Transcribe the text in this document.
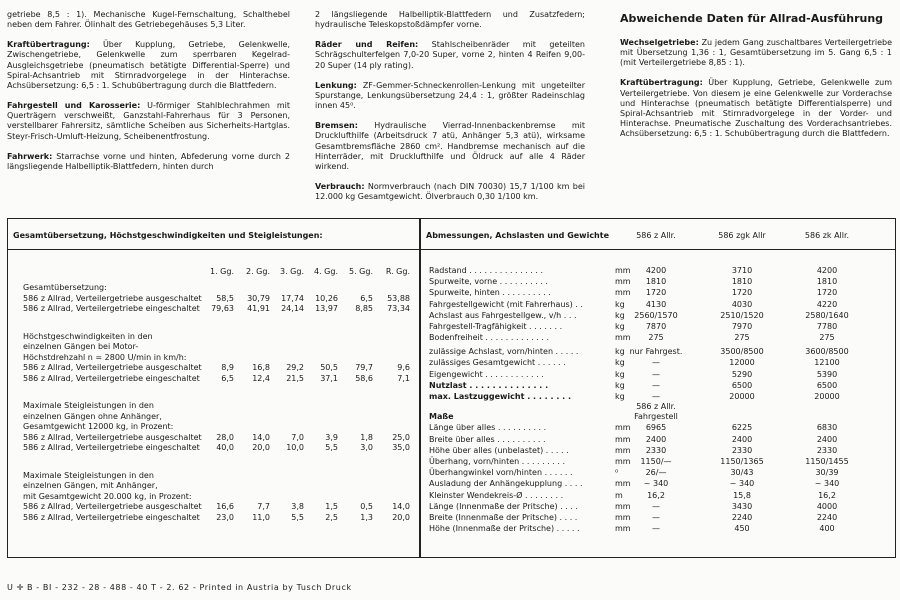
getriebe 8,5 : 1). Mechanische Kugel-Fernschaltung, Schalthebel neben dem Fahrer. Ölinhalt des Getriebegehäuses 5,3 Liter.

Kraftübertragung: Über Kupplung, Getriebe, Gelenkwelle, Zwischengetriebe, Gelenkwelle zum sperrbaren Kegelrad-Ausgleichsgetriebe (pneumatisch betätigte Differential-Sperre) und Spiral-Achsantrieb mit Stirnradvorgelege in der Hinterachse. Achsübersetzung: 6,5 : 1. Schubübertragung durch die Blattfedern.

Fahrgestell und Karosserie: U-förmiger Stahlblechrahmen mit Querträgern verschweißt, Ganzstahl-Fahrerhaus für 3 Personen, verstellbarer Fahrersitz, sämtliche Scheiben aus Sicherheits-Hartglas. Steyr-Frisch-Umluft-Heizung, Scheibenentfrostung.

Fahrwerk: Starrachse vorne und hinten, Abfederung vorne durch 2 längsliegende Halbelliptik-Blattfedern, hinten durch

2 längsliegende Halbelliptik-Blattfedern und Zusatzfedern; hydraulische Teleskopstoßdämpfer vorne.

Räder und Reifen: Stahlscheibenräder mit geteilten Schrägschulterfelgen 7,0-20 Super, vorne 2, hinten 4 Reifen 9,00-20 Super (14 ply rating).

Lenkung: ZF-Gemmer-Schneckenrollen-Lenkung mit ungeteilter Spurstange, Lenkungsübersetzung 24,4 : 1, größter Radeinschlag innen 45⁰.

Bremsen: Hydraulische Vierrad-Innenbackenbremse mit Drucklufthilfe (Arbeitsdruck 7 atü, Anhänger 5,3 atü), wirksame Gesamtbremsfläche 2860 cm². Handbremse mechanisch auf die Hinterräder, mit Drucklufthilfe und Öldruck auf alle 4 Räder wirkend.

Verbrauch: Normverbrauch (nach DIN 70030) 15,7 1/100 km bei 12.000 kg Gesamtgewicht. Ölverbrauch 0,30 1/100 km.

Abweichende Daten für Allrad-Ausführung

Wechselgetriebe: Zu jedem Gang zuschaltbares Verteilergetriebe mit Übersetzung 1,36 : 1, Gesamtübersetzung im 5. Gang 6,5 : 1 (mit Verteilergetriebe 8,85 : 1).

Kraftübertragung: Über Kupplung, Getriebe, Gelenkwelle zum Verteilergetriebe. Von diesem je eine Gelenkwelle zur Vorderachse und Hinterachse (pneumatisch betätigte Differentialsperre) und Spiral-Achsantrieb mit Stirnradvorgelege in der Vorder- und Hinterachse. Pneumatische Zuschaltung des Vorderachsantriebes. Achsübersetzung: 6,5 : 1. Schubübertragung durch die Blattfedern.

Gesamtübersetzung, Höchstgeschwindigkeiten und Steigleistungen:	Abmessungen, Achslasten und Gewichte
1. Gg.	2. Gg.	3. Gg.	4. Gg.	5. Gg.	R. Gg.
Gesamtübersetzung:
586 z Allrad, Verteilergetriebe ausgeschaltet	58,5	30,79	17,74	10,26	6,5	53,88
586 z Allrad, Verteilergetriebe eingeschaltet	79,63	41,91	24,14	13,97	8,85	73,34
Höchstgeschwindigkeiten in den
einzelnen Gängen bei Motor-
Höchstdrehzahl n = 2800 U/min in km/h:
586 z Allrad, Verteilergetriebe ausgeschaltet	8,9	16,8	29,2	50,5	79,7	9,6
586 z Allrad, Verteilergetriebe eingeschaltet	6,5	12,4	21,5	37,1	58,6	7,1
Maximale Steigleistungen in den
einzelnen Gängen ohne Anhänger,
Gesamtgewicht 12000 kg, in Prozent:
586 z Allrad, Verteilergetriebe ausgeschaltet	28,0	14,0	7,0	3,9	1,8	25,0
586 z Allrad, Verteilergetriebe eingeschaltet	40,0	20,0	10,0	5,5	3,0	35,0
Maximale Steigleistungen in den
einzelnen Gängen, mit Anhänger,
mit Gesamtgewicht 20.000 kg, in Prozent:
586 z Allrad, Verteilergetriebe ausgeschaltet	16,6	7,7	3,8	1,5	0,5	14,0
586 z Allrad, Verteilergetriebe eingeschaltet	23,0	11,0	5,5	2,5	1,3	20,0
586 z Allr.	586 zgk Allr	586 zk Allr.
Radstand . . . . . . . . . . . . . . .	mm	4200	3710	4200
Spurweite, vorne . . . . . . . . . .	mm	1810	1810	1810
Spurweite, hinten . . . . . . . . . .	mm	1720	1720	1720
Fahrgestellgewicht (mit Fahrerhaus) . .	kg	4130	4030	4220
Achslast aus Fahrgestellgew., v/h . . .	kg	2560/1570	2510/1520	2580/1640
Fahrgestell-Tragfähigkeit . . . . . . .	kg	7870	7970	7780
Bodenfreiheit . . . . . . . . . . . . .	mm	275	275	275
zulässige Achslast, vorn/hinten . . . . .	kg nur Fahrgest.	3500/8500	3600/8500
zulässiges Gesamtgewicht . . . . . .	kg	—	12000	12100
Eigengewicht . . . . . . . . . . . .	kg	—	5290	5390
Nutzlast . . . . . . . . . . . . . .	kg	—	6500	6500
max. Lastzuggewicht . . . . . . . .	kg	—	20000	20000
586 z Allr.
Maße	Fahrgestell
Länge über alles . . . . . . . . . .	mm	6965	6225	6830
Breite über alles . . . . . . . . . .	mm	2400	2400	2400
Höhe über alles (unbelastet) . . . . .	mm	2330	2330	2330
Überhang, vorn/hinten . . . . . . . . .	mm	1150/—	1150/1365	1150/1455
Überhangwinkel vorn/hinten . . . . . .	⁰	26/—	30/43	30/39
Ausladung der Anhängekupplung . . . .	mm	~ 340	~ 340	~ 340
Kleinster Wendekreis-Ø . . . . . . . .	m	16,2	15,8	16,2
Länge (Innenmaße der Pritsche) . . . .	mm	—	3430	4000
Breite (Innenmaße der Pritsche) . . . .	mm	—	2240	2240
Höhe (Innenmaße der Pritsche) . . . . .	mm	—	450	400
U ✛ B - BI - 232 - 28 - 488 - 40 T - 2. 62 - Printed in Austria by Tusch Druck
